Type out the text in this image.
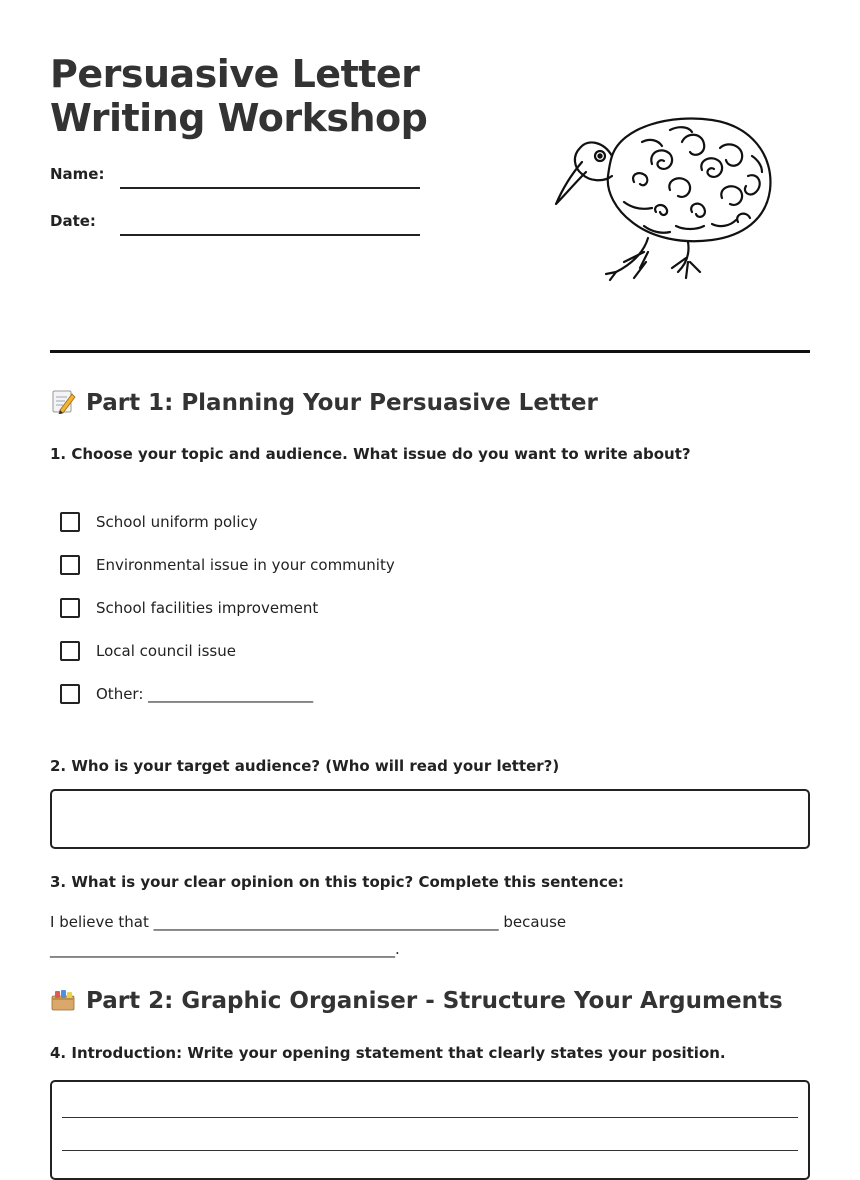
Persuasive Letter
Writing Workshop
Name:
Date:
Part 1: Planning Your Persuasive Letter

1. Choose your topic and audience. What issue do you want to write about?

School uniform policy
Environmental issue in your community
School facilities improvement
Local council issue
Other: ______________________

2. Who is your target audience? (Who will read your letter?)

3. What is your clear opinion on this topic? Complete this sentence:

I believe that ______________________________________________ because
______________________________________________.

Part 2: Graphic Organiser - Structure Your Arguments

4. Introduction: Write your opening statement that clearly states your position.
